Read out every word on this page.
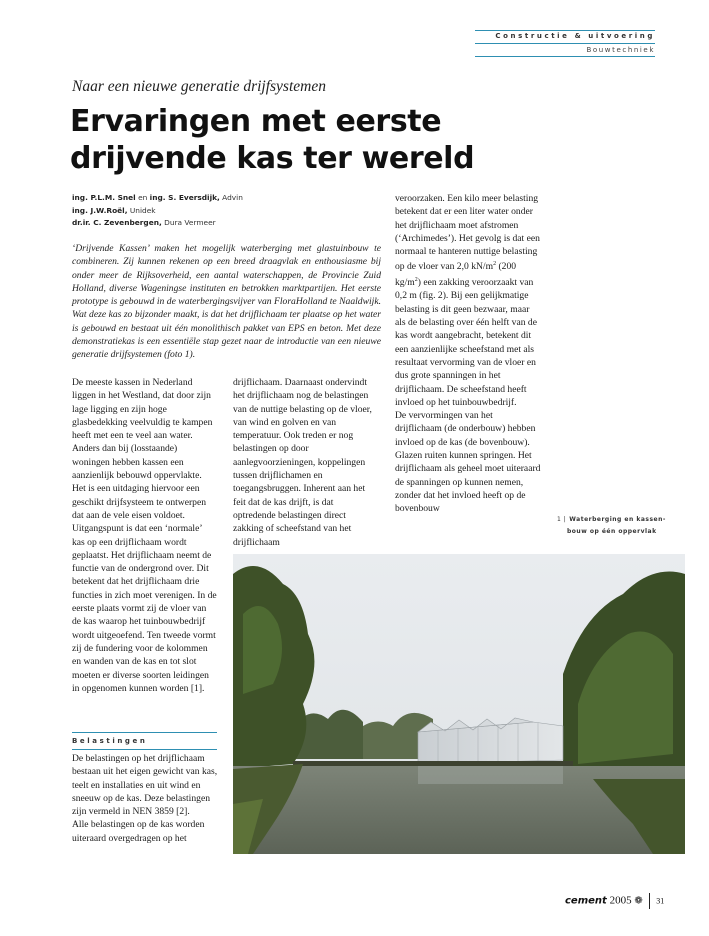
Constructie & uitvoering
Bouwtechniek
Naar een nieuwe generatie drijfsystemen
Ervaringen met eerste drijvende kas ter wereld
ing. P.L.M. Snel en ing. S. Eversdijk, Advin
ing. J.W.Roël, Unidek
dr.ir. C. Zevenbergen, Dura Vermeer
‘Drijvende Kassen’ maken het mogelijk waterberging met glastuinbouw te combineren. Zij kunnen rekenen op een breed draagvlak en enthousiasme bij onder meer de Rijksoverheid, een aantal waterschappen, de Provincie Zuid Holland, diverse Wageningse instituten en betrokken marktpartijen. Het eerste prototype is gebouwd in de waterbergingsvijver van FloraHolland te Naaldwijk. Wat deze kas zo bijzonder maakt, is dat het drijflichaam ter plaatse op het water is gebouwd en bestaat uit één monolithisch pakket van EPS en beton. Met deze demonstratiekas is een essentiële stap gezet naar de introductie van een nieuwe generatie drijfsystemen (foto 1).

De meeste kassen in Nederland liggen in het Westland, dat door zijn lage ligging en zijn hoge glasbedekking veelvuldig te kampen heeft met een te veel aan water. Anders dan bij (losstaande) woningen hebben kassen een aanzienlijk bebouwd oppervlakte. Het is een uitdaging hiervoor een geschikt drijfsysteem te ontwerpen dat aan de vele eisen voldoet. Uitgangspunt is dat een ‘normale’ kas op een drijflichaam wordt geplaatst. Het drijflichaam neemt de functie van de ondergrond over. Dit betekent dat het drijflichaam drie functies in zich moet verenigen. In de eerste plaats vormt zij de vloer van de kas waarop het tuinbouwbedrijf wordt uitgeoefend. Ten tweede vormt zij de fundering voor de kolommen en wanden van de kas en tot slot moeten er diverse soorten leidingen in opgenomen kunnen worden [1].

Belastingen

De belastingen op het drijflichaam bestaan uit het eigen gewicht van kas, teelt en installaties en uit wind en sneeuw op de kas. Deze belastingen zijn vermeld in NEN 3859 [2].

Alle belastingen op de kas worden uiteraard overgedragen op het

drijflichaam. Daarnaast ondervindt het drijflichaam nog de belastingen van de nuttige belasting op de vloer, van wind en golven en van temperatuur. Ook treden er nog belastingen op door aanlegvoorzieningen, koppelingen tussen drijflichamen en toegangsbruggen. Inherent aan het feit dat de kas drijft, is dat optredende belastingen direct zakking of scheefstand van het drijflichaam

veroorzaken. Een kilo meer belasting betekent dat er een liter water onder het drijflichaam moet afstromen (‘Archimedes’). Het gevolg is dat een normaal te hanteren nuttige belasting op de vloer van 2,0 $kN/m^2$ (200 $kg/m^2$) een zakking veroorzaakt van 0,2 m (fig. 2). Bij een gelijkmatige belasting is dit geen bezwaar, maar als de belasting over één helft van de kas wordt aangebracht, betekent dit een aanzienlijke scheefstand met als resultaat vervorming van de vloer en dus grote spanningen in het drijflichaam. De scheefstand heeft invloed op het tuinbouwbedrijf.

De vervormingen van het drijflichaam (de onderbouw) hebben invloed op de kas (de bovenbouw). Glazen ruiten kunnen springen. Het drijflichaam als geheel moet uiteraard de spanningen op kunnen nemen, zonder dat het invloed heeft op de bovenbouw

1 | Waterberging en kassen-
bouw op één oppervlak
cement 2005 ❁ 31
